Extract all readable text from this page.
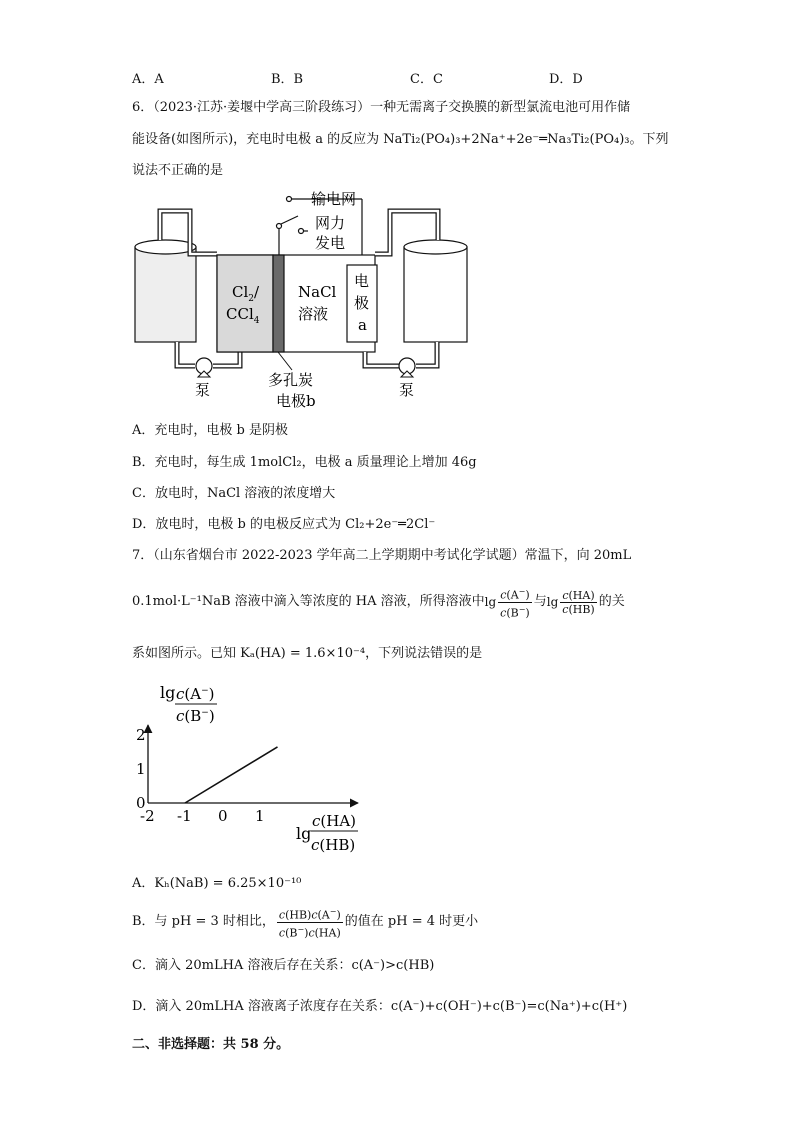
A．A	B．B	C．C	D．D
6．（2023·江苏·姜堰中学高三阶段练习）一种无需离子交换膜的新型氯流电池可用作储
能设备(如图所示)，充电时电极 a 的反应为 NaTi₂(PO₄)₃+2Na⁺+2e⁻═Na₃Ti₂(PO₄)₃。下列
说法不正确的是
输电网
网力
发电
$Cl_2/$
CCl$_4$
NaCl
溶液
电
极
a
泵	泵
多孔炭
电极b
A．充电时，电极 b 是阴极
B．充电时，每生成 1molCl₂，电极 a 质量理论上增加 46g
C．放电时，NaCl 溶液的浓度增大
D．放电时，电极 b 的电极反应式为 Cl₂+2e⁻═2Cl⁻
7．（山东省烟台市 2022-2023 学年高二上学期期中考试化学试题）常温下，向 20mL
0.1mol·L⁻¹NaB 溶液中滴入等浓度的 HA 溶液，所得溶液中 $\lg \frac{c(A^-)}{c(B^-)}$ 与 $\lg \frac{c(HA)}{c(HB)}$ 的关
系如图所示。已知 Kₐ(HA) = 1.6×10⁻⁴，下列说法错误的是
lg c(A−)
c(B−)
lg
c(HA)
c(HB)
-2 -1 0 1
0
1
2
A．Kₕ(NaB) = 6.25×10⁻¹⁰
B．与 pH = 3 时相比， $\frac{c(HB)c(A^-)}{c(B^-)c(HA)}$ 的值在 pH = 4 时更小
C．滴入 20mLHA 溶液后存在关系：c(A⁻)>c(HB)
D．滴入 20mLHA 溶液离子浓度存在关系：c(A⁻)+c(OH⁻)+c(B⁻)=c(Na⁺)+c(H⁺)
二、非选择题：共 58 分。
